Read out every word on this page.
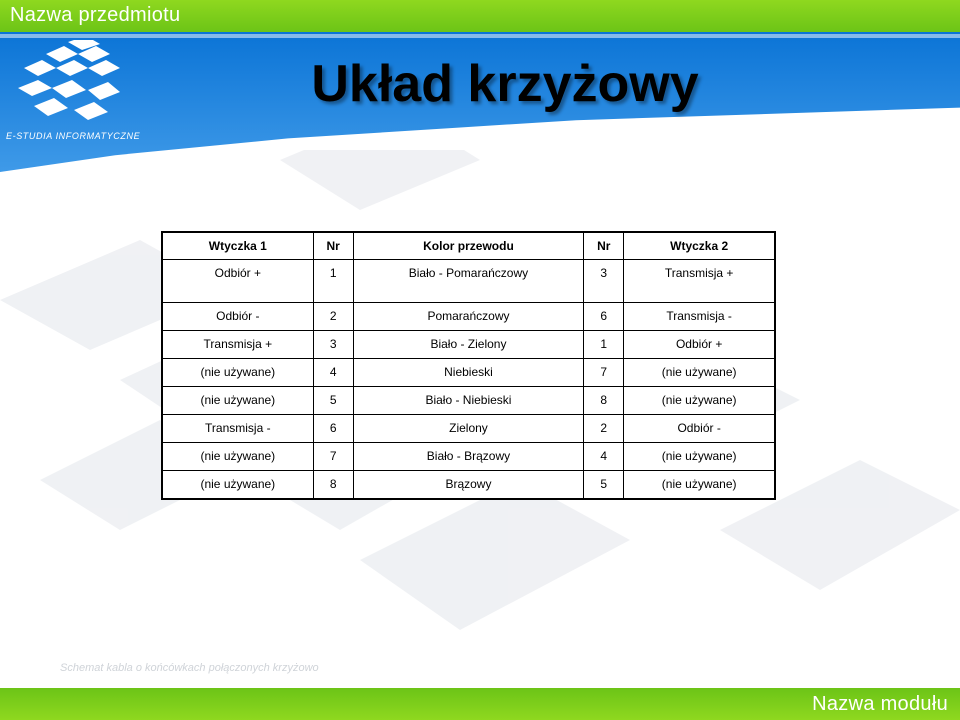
Nazwa przedmiotu
E-STUDIA INFORMATYCZNE
Układ krzyżowy
Wtyczka 1	Nr	Kolor przewodu	Nr	Wtyczka 2
Odbiór +	1	Biało - Pomarańczowy	3	Transmisja +
Odbiór -	2	Pomarańczowy	6	Transmisja -
Transmisja +	3	Biało - Zielony	1	Odbiór +
(nie używane)	4	Niebieski	7	(nie używane)
(nie używane)	5	Biało - Niebieski	8	(nie używane)
Transmisja -	6	Zielony	2	Odbiór -
(nie używane)	7	Biało - Brązowy	4	(nie używane)
(nie używane)	8	Brązowy	5	(nie używane)
Schemat kabla o końcówkach połączonych krzyżowo
Nazwa modułu
